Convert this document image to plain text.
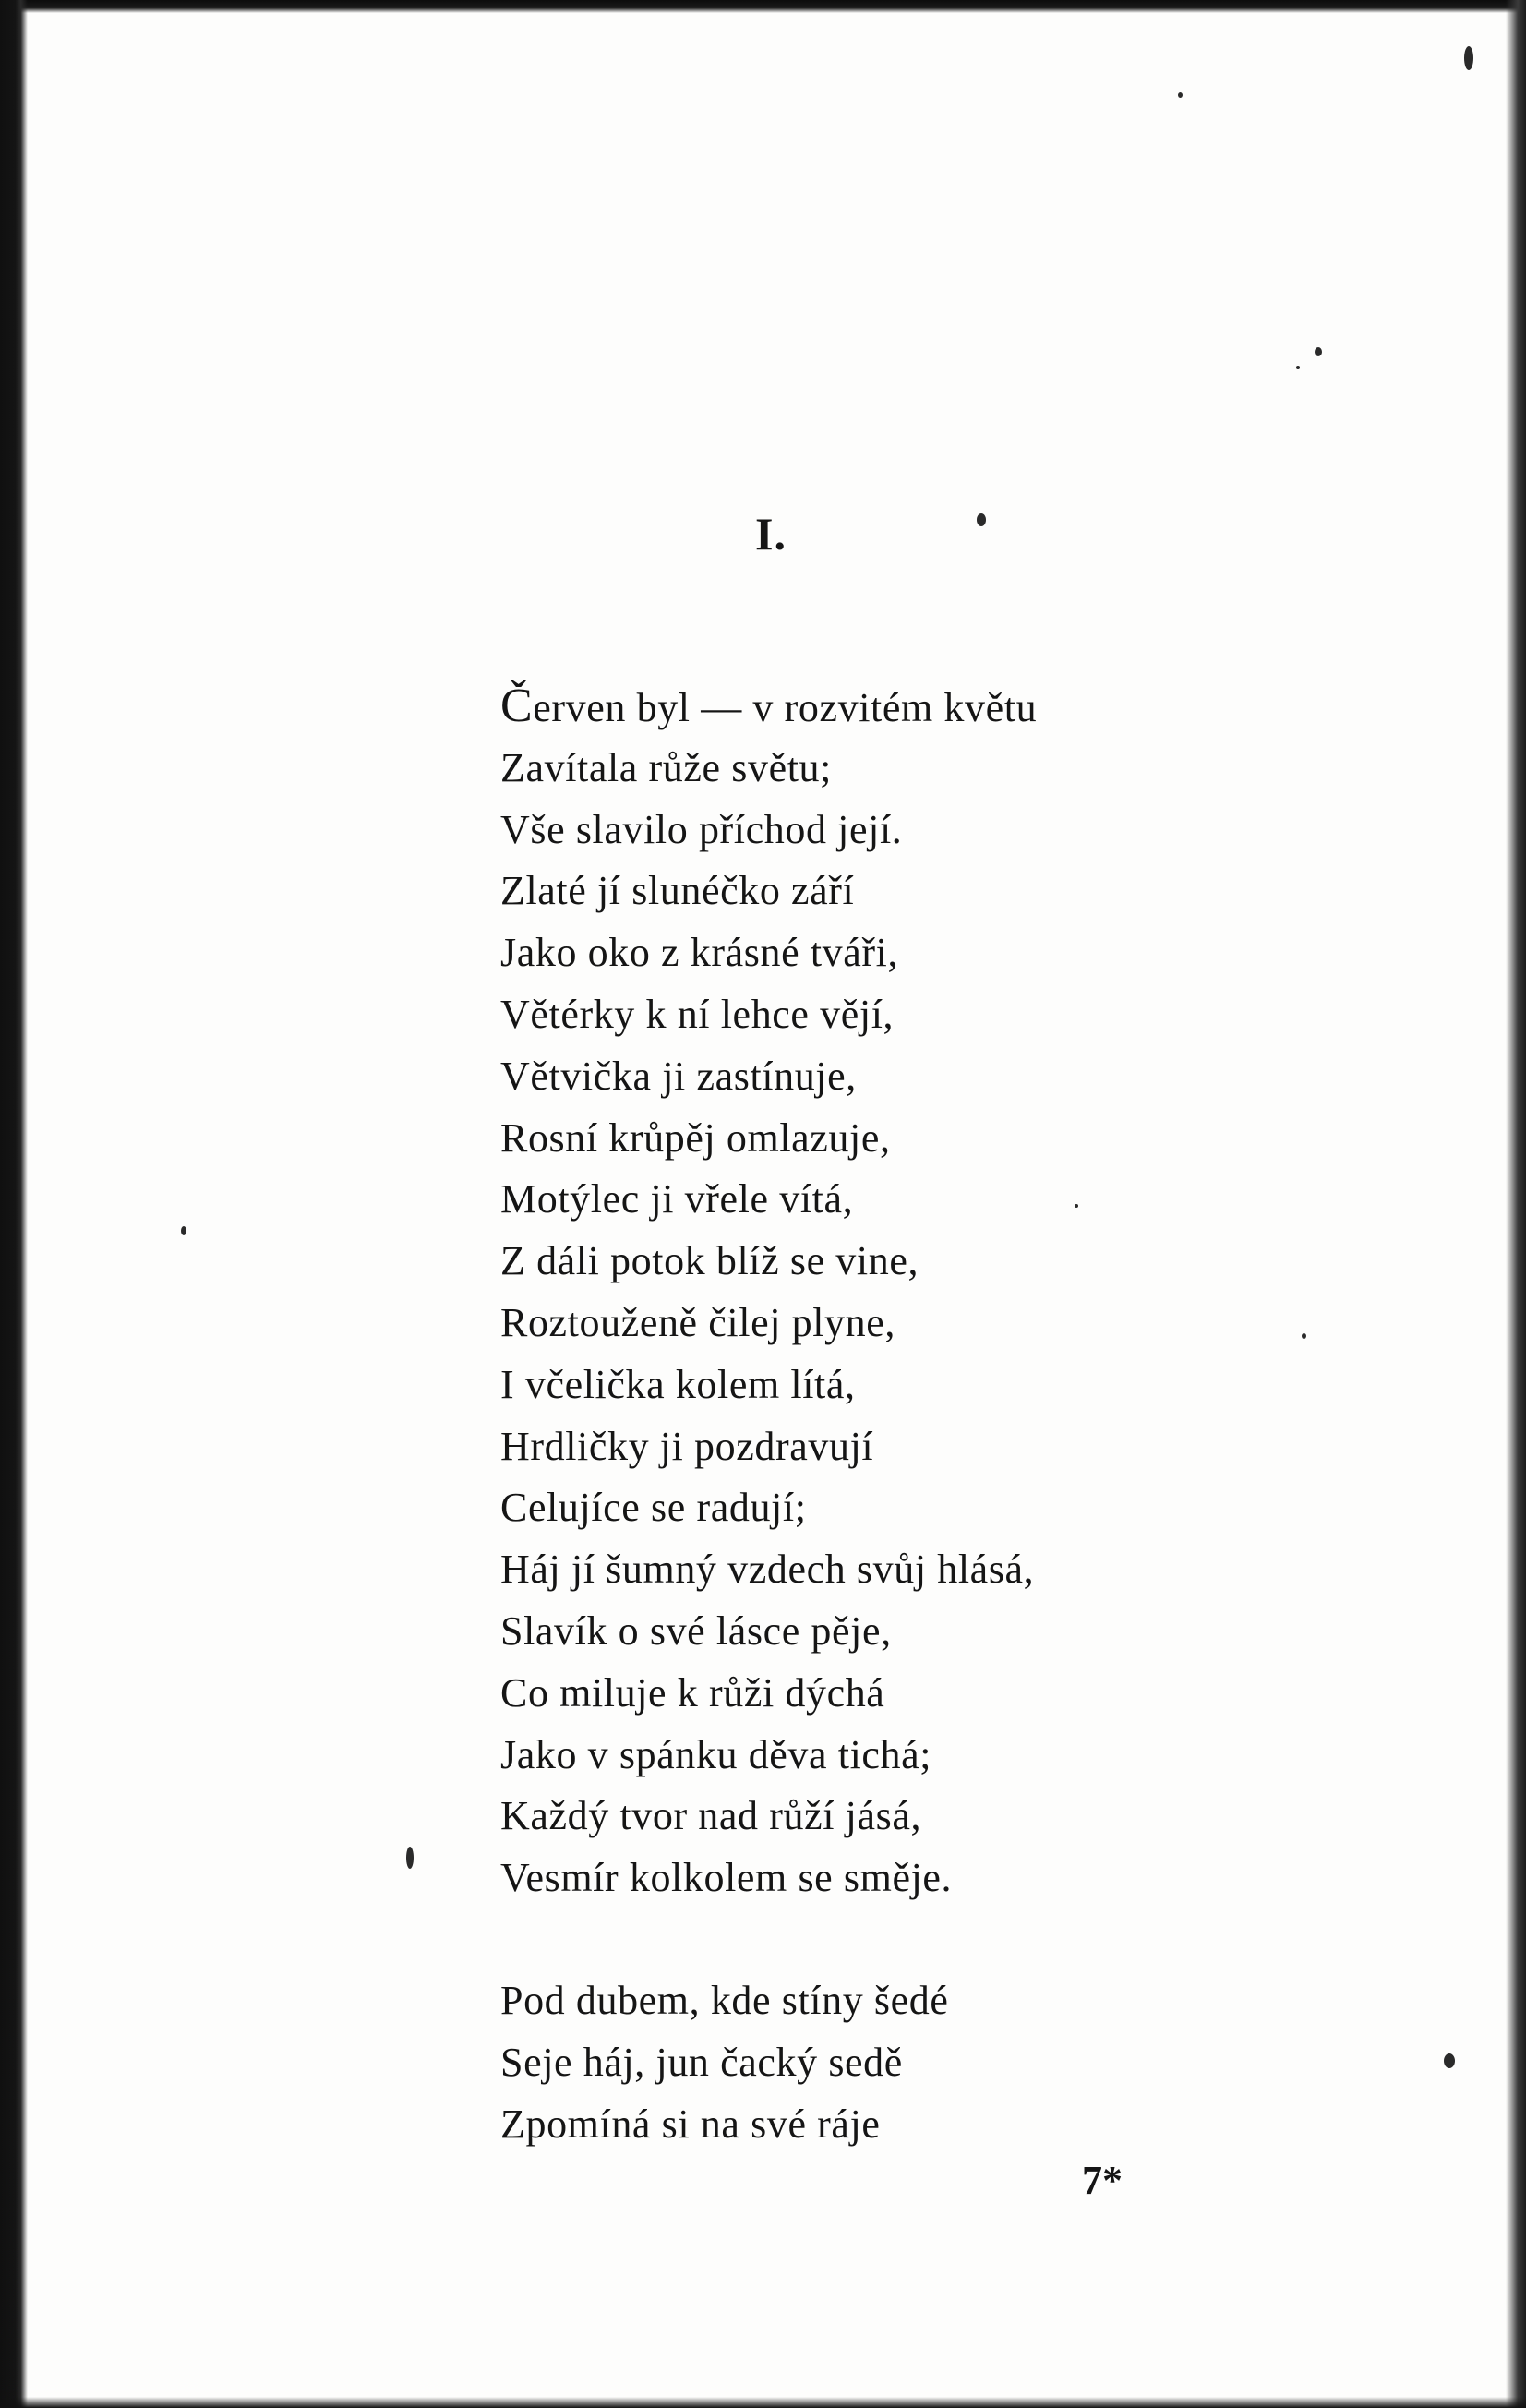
I.
Červen byl — v rozvitém květu
Zavítala růže světu;
Vše slavilo příchod její.
Zlaté jí slunéčko září
Jako oko z krásné tváři,
Větérky k ní lehce vějí,
Větvička ji zastínuje,
Rosní krůpěj omlazuje,
Motýlec ji vřele vítá,
Z dáli potok blíž se vine,
Roztouženě čilej plyne,
I včelička kolem lítá,
Hrdličky ji pozdravují
Celujíce se radují;
Háj jí šumný vzdech svůj hlásá,
Slavík o své lásce pěje,
Co miluje k růži dýchá
Jako v spánku děva tichá;
Každý tvor nad růží jásá,
Vesmír kolkolem se směje.
Pod dubem, kde stíny šedé
Seje háj, jun čacký sedě
Zpomíná si na své ráje
7*
